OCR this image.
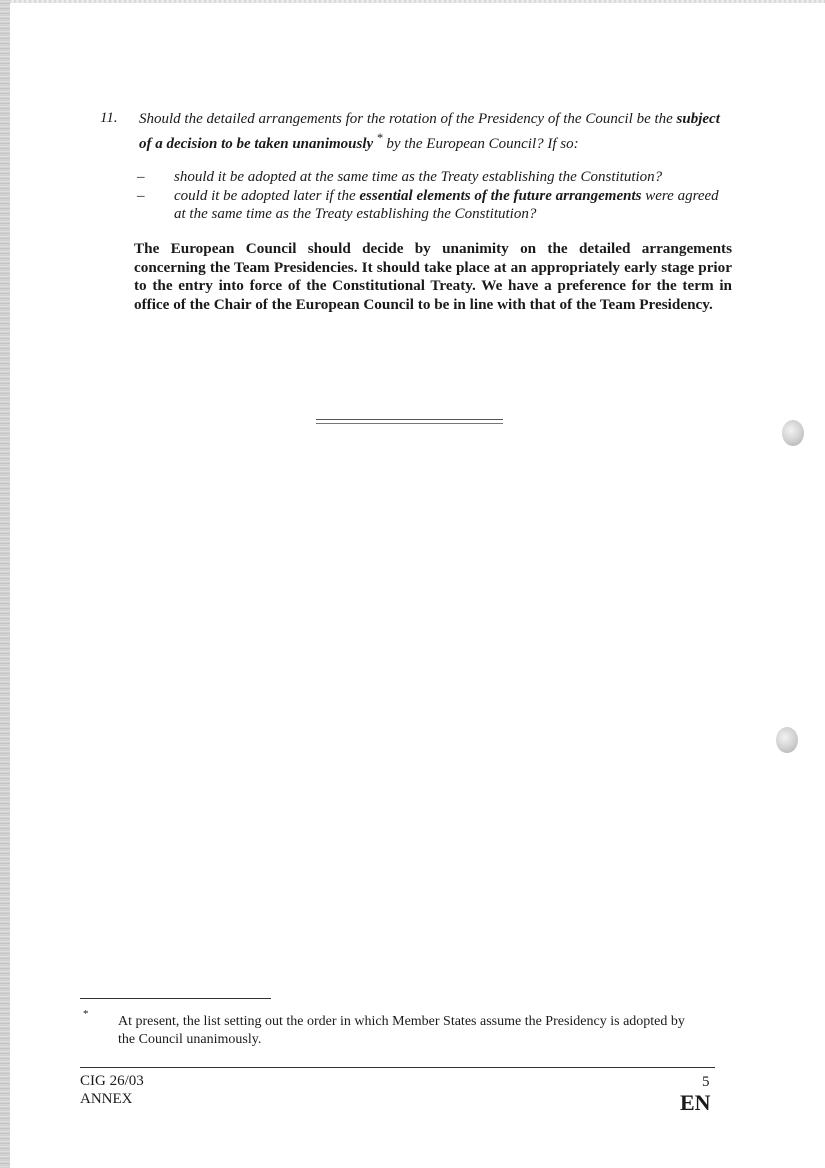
11. Should the detailed arrangements for the rotation of the Presidency of the Council be the subject of a decision to be taken unanimously * by the European Council? If so:
– should it be adopted at the same time as the Treaty establishing the Constitution?
– could it be adopted later if the essential elements of the future arrangements were agreed at the same time as the Treaty establishing the Constitution?
The European Council should decide by unanimity on the detailed arrangements concerning the Team Presidencies. It should take place at an appropriately early stage prior to the entry into force of the Constitutional Treaty. We have a preference for the term in office of the Chair of the European Council to be in line with that of the Team Presidency.
* At present, the list setting out the order in which Member States assume the Presidency is adopted by the Council unanimously.
CIG 26/03
ANNEX
5
EN
